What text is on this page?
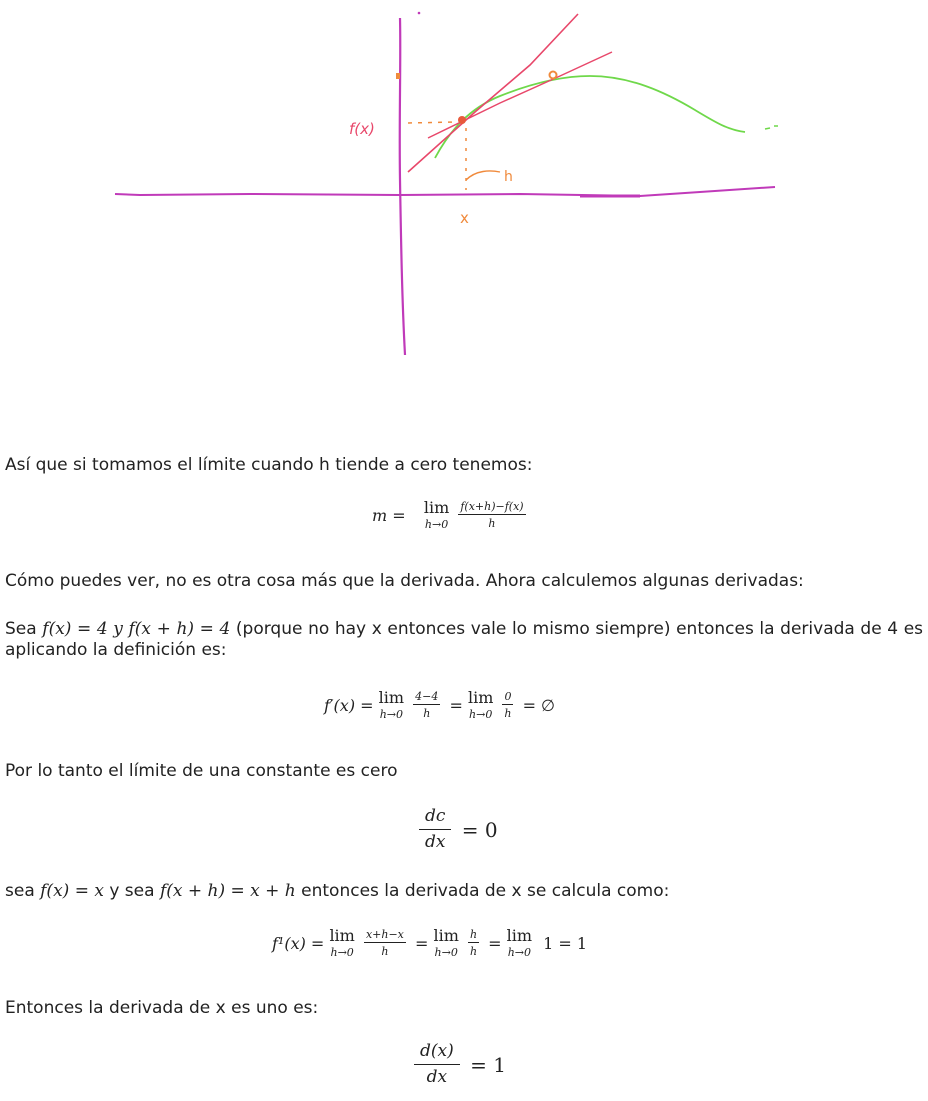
f(x)
h
x
Así que si tomamos el límite cuando h tiende a cero tenemos:
m = lim
h→0
$\frac{f(x+h)-f(x)}{h}$
Cómo puedes ver, no es otra cosa más que la derivada. Ahora calculemos algunas derivadas:
Sea f(x) = 4 y f(x + h) = 4 (porque no hay x entonces vale lo mismo siempre) entonces la derivada de 4 es aplicando la definición es:
f′(x) = lim
h→0
$\frac{4-4}{h} = \lim$
h→0
$\frac{0}{h}$ = ∅
Por lo tanto el límite de una constante es cero
$\frac{dc}{dx} = 0$
sea f(x) = x y sea f(x + h) = x + h entonces la derivada de x se calcula como:
f¹(x) = lim
h→0
$\frac{x+h-x}{h} = \lim$
h→0
$\frac{h}{h} = \lim$
h→0 1 = 1
Entonces la derivada de x es uno es:
$\frac{d(x)}{dx} = 1$
